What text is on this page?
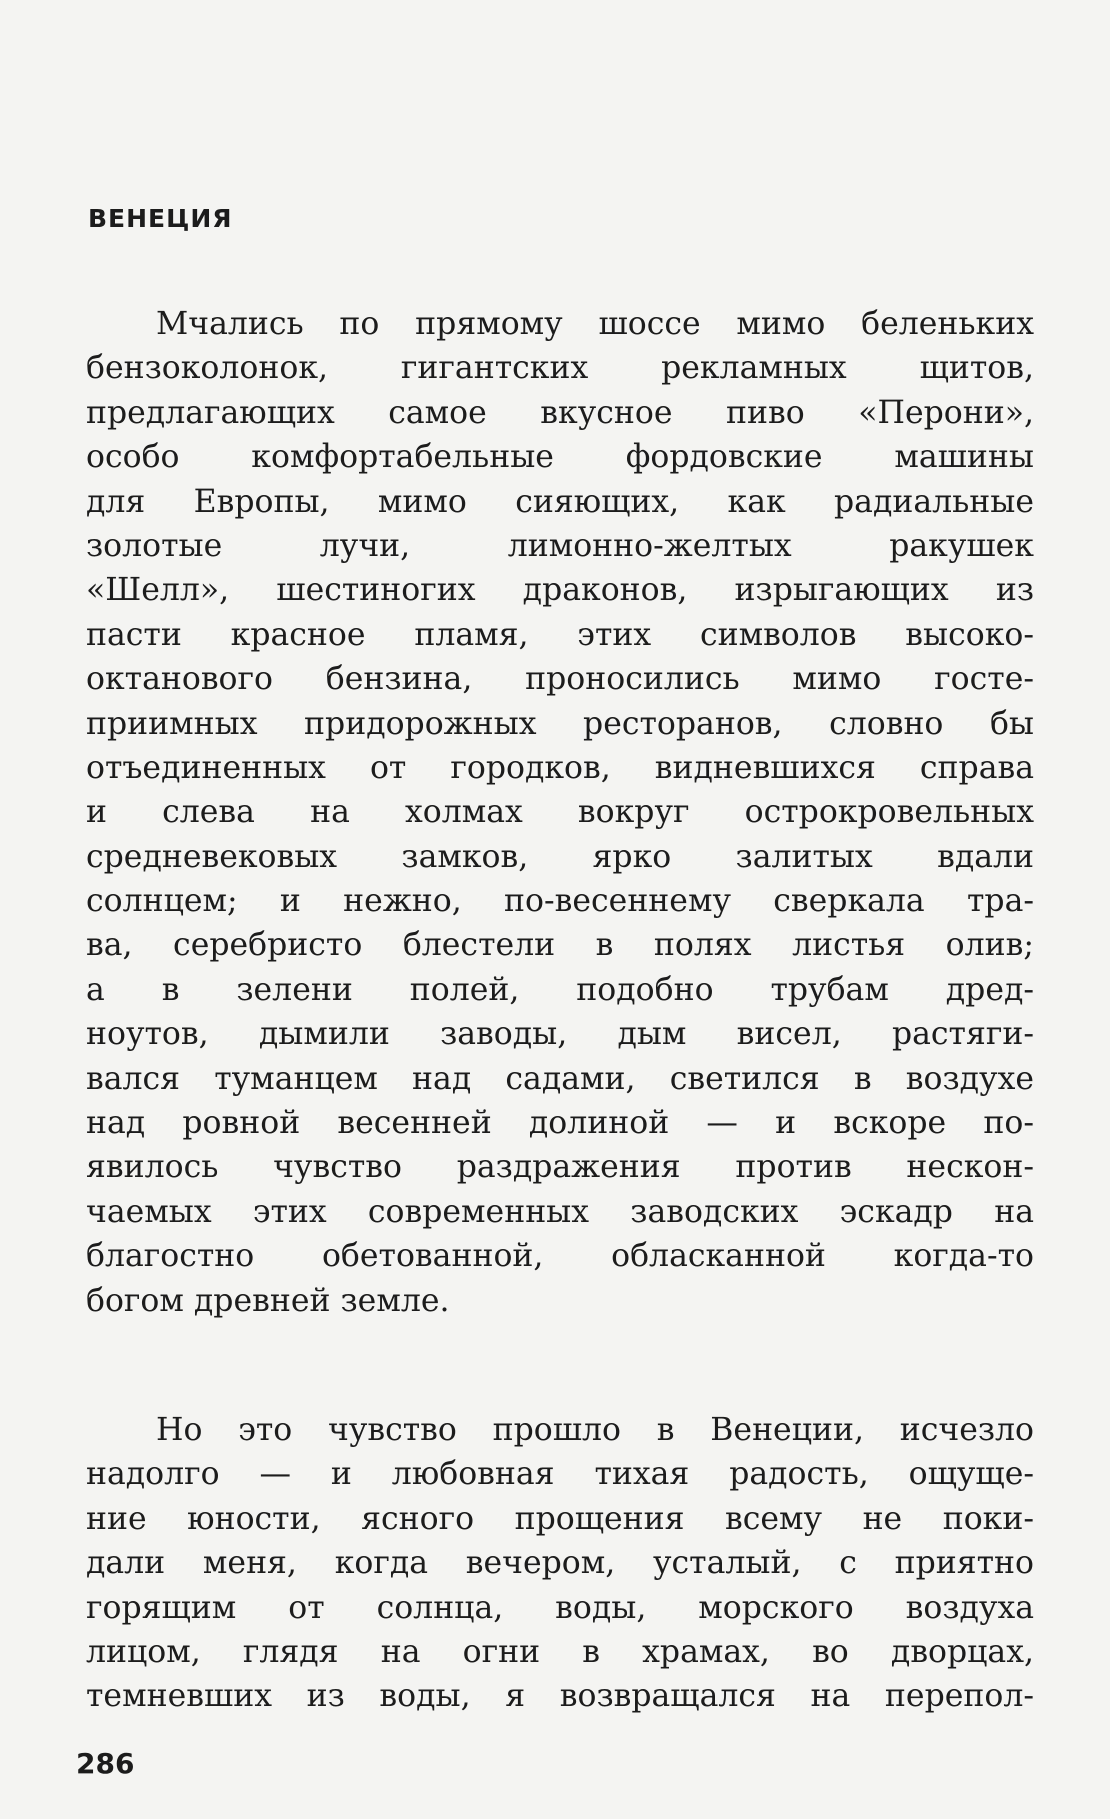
ВЕНЕЦИЯ

Мчались по прямому шоссе мимо беленьких
бензоколонок, гигантских рекламных щитов,
предлагающих самое вкусное пиво «Перони»,
особо комфортабельные фордовские машины
для Европы, мимо сияющих, как радиальные
золотые лучи, лимонно-желтых ракушек
«Шелл», шестиногих драконов, изрыгающих из
пасти красное пламя, этих символов высоко-
октанового бензина, проносились мимо госте-
приимных придорожных ресторанов, словно бы
отъединенных от городков, видневшихся справа
и слева на холмах вокруг острокровельных
средневековых замков, ярко залитых вдали
солнцем; и нежно, по-весеннему сверкала тра-
ва, серебристо блестели в полях листья олив;
а в зелени полей, подобно трубам дред-
ноутов, дымили заводы, дым висел, растяги-
вался туманцем над садами, светился в воздухе
над ровной весенней долиной — и вскоре по-
явилось чувство раздражения против нескон-
чаемых этих современных заводских эскадр на
благостно обетованной, обласканной когда-то
богом древней земле.

Но это чувство прошло в Венеции, исчезло
надолго — и любовная тихая радость, ощуще-
ние юности, ясного прощения всему не поки-
дали меня, когда вечером, усталый, с приятно
горящим от солнца, воды, морского воздуха
лицом, глядя на огни в храмах, во дворцах,
темневших из воды, я возвращался на перепол-

286
